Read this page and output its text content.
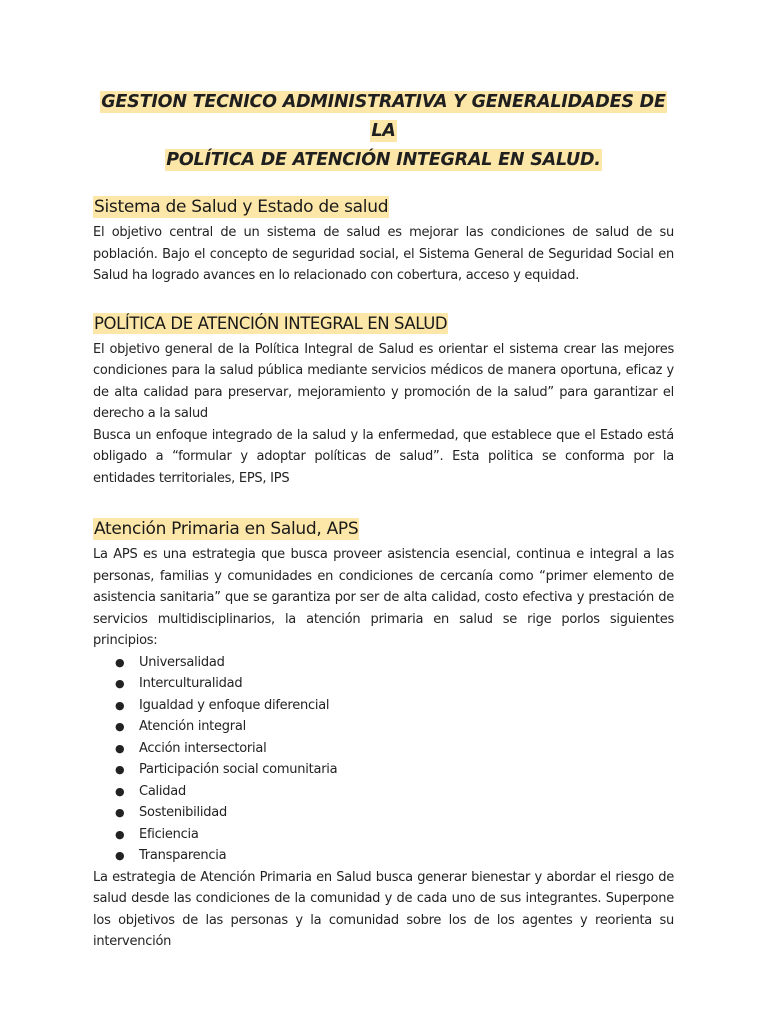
GESTION TECNICO ADMINISTRATIVA Y GENERALIDADES DE LA
POLÍTICA DE ATENCIÓN INTEGRAL EN SALUD.
Sistema de Salud y Estado de salud

El objetivo central de un sistema de salud es mejorar las condiciones de salud de su población. Bajo el concepto de seguridad social, el Sistema General de Seguridad Social en Salud ha logrado avances en lo relacionado con cobertura, acceso y equidad.

POLÍTICA DE ATENCIÓN INTEGRAL EN SALUD

El objetivo general de la Política Integral de Salud es orientar el sistema crear las mejores condiciones para la salud pública mediante servicios médicos de manera oportuna, eficaz y de alta calidad para preservar, mejoramiento y promoción de la salud” para garantizar el derecho a la salud

Busca un enfoque integrado de la salud y la enfermedad, que establece que el Estado está obligado a “formular y adoptar políticas de salud”. Esta politica se conforma por la entidades territoriales, EPS, IPS

Atención Primaria en Salud, APS

La APS es una estrategia que busca proveer asistencia esencial, continua e integral a las personas, familias y comunidades en condiciones de cercanía como “primer elemento de asistencia sanitaria” que se garantiza por ser de alta calidad, costo efectiva y prestación de servicios multidisciplinarios, la atención primaria en salud se rige porlos siguientes principios:

● Universalidad
● Interculturalidad
● Igualdad y enfoque diferencial
● Atención integral
● Acción intersectorial
● Participación social comunitaria
● Calidad
● Sostenibilidad
● Eficiencia
● Transparencia

La estrategia de Atención Primaria en Salud busca generar bienestar y abordar el riesgo de salud desde las condiciones de la comunidad y de cada uno de sus integrantes. Superpone los objetivos de las personas y la comunidad sobre los de los agentes y reorienta su intervención
